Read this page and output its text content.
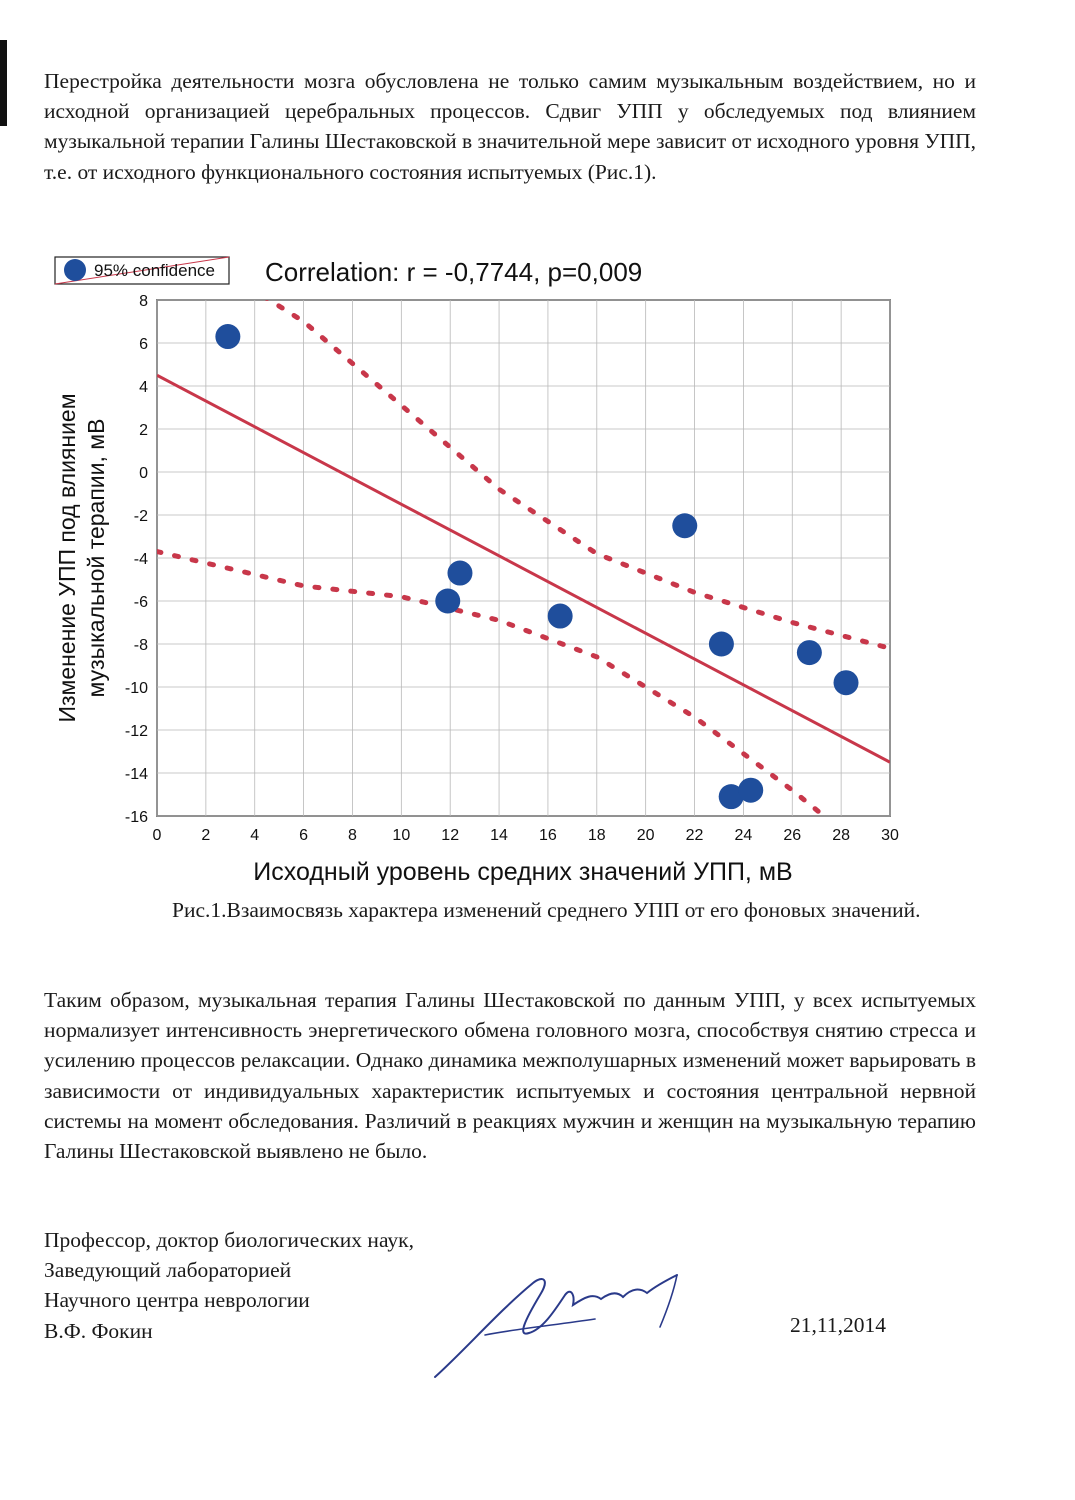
Перестройка деятельности мозга обусловлена не только самим музыкальным воздействием, но и исходной организацией церебральных процессов. Сдвиг УПП у обследуемых под влиянием музыкальной терапии Галины Шестаковской в значительной мере зависит от исходного уровня УПП, т.е. от исходного функционального состояния испытуемых (Рис.1).

0 2 4 6 8 10 12 14 16 18 20 22 24 26 28 30
8
6
4
2
0
-2
-4
-6
-8
-10
-12
-14
-16
95% confidence Correlation: r = -0,7744, p=0,009
Исходный уровень средних значений УПП, мВ
Изменение УПП под влиянием музыкальной терапии, мВ

Рис.1.Взаимосвязь характера изменений среднего УПП от его фоновых значений.

Таким образом, музыкальная терапия Галины Шестаковской по данным УПП, у всех испытуемых нормализует интенсивность энергетического обмена головного мозга, способствуя снятию стресса и усилению процессов релаксации. Однако динамика межполушарных изменений может варьировать в зависимости от индивидуальных характеристик испытуемых и состояния центральной нервной системы на момент обследования. Различий в реакциях мужчин и женщин на музыкальную терапию Галины Шестаковской выявлено не было.

Профессор, доктор биологических наук,
Заведующий лабораторией
Научного центра неврологии
В.Ф. Фокин	21,11,2014
